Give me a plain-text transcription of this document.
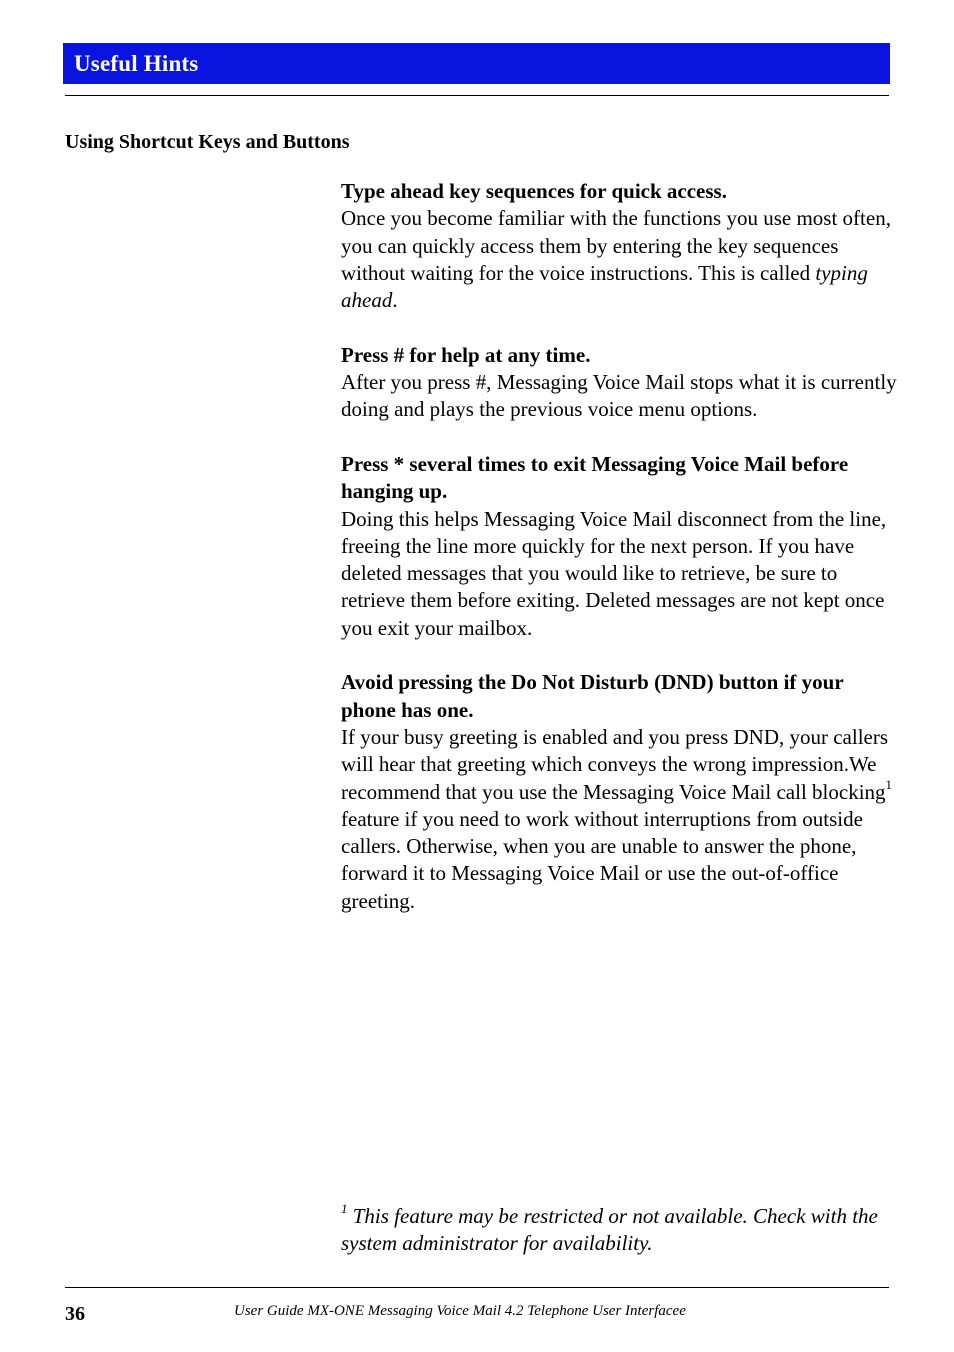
Useful Hints
Using Shortcut Keys and Buttons
Type ahead key sequences for quick access.
Once you become familiar with the functions you use most often, you can quickly access them by entering the key sequences without waiting for the voice instructions. This is called typing ahead.
Press # for help at any time.
After you press #, Messaging Voice Mail stops what it is currently doing and plays the previous voice menu options.
Press * several times to exit Messaging Voice Mail before hanging up.
Doing this helps Messaging Voice Mail disconnect from the line, freeing the line more quickly for the next person. If you have deleted messages that you would like to retrieve, be sure to retrieve them before exiting. Deleted messages are not kept once you exit your mailbox.
Avoid pressing the Do Not Disturb (DND) button if your phone has one.
If your busy greeting is enabled and you press DND, your callers will hear that greeting which conveys the wrong impression.We recommend that you use the Messaging Voice Mail call blocking$^1$ feature if you need to work without interruptions from outside callers. Otherwise, when you are unable to answer the phone, forward it to Messaging Voice Mail or use the out-of-office greeting.
$^1$ This feature may be restricted or not available. Check with the system administrator for availability.
36	User Guide MX-ONE Messaging Voice Mail 4.2 Telephone User Interfacee
